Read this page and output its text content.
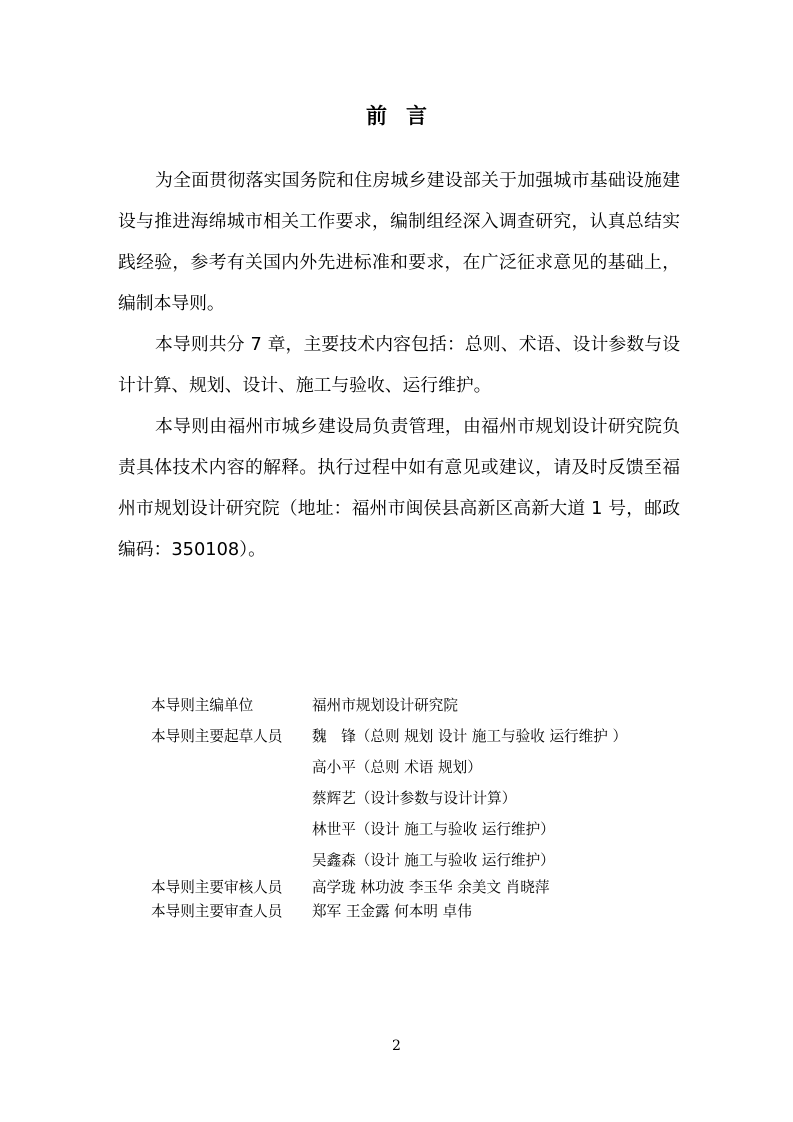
前言

为全面贯彻落实国务院和住房城乡建设部关于加强城市基础设施建设与推进海绵城市相关工作要求，编制组经深入调查研究，认真总结实践经验，参考有关国内外先进标准和要求，在广泛征求意见的基础上，编制本导则。

本导则共分 7 章，主要技术内容包括：总则、术语、设计参数与设计计算、规划、设计、施工与验收、运行维护。

本导则由福州市城乡建设局负责管理，由福州市规划设计研究院负责具体技术内容的解释。执行过程中如有意见或建议，请及时反馈至福州市规划设计研究院（地址：福州市闽侯县高新区高新大道 1 号，邮政编码：350108）。

本导则主编单位	福州市规划设计研究院
本导则主要起草人员	魏　锋（总则 规划 设计 施工与验收 运行维护 ）
高小平（总则 术语 规划）
蔡辉艺（设计参数与设计计算）
林世平（设计 施工与验收 运行维护）
吴鑫森（设计 施工与验收 运行维护）
本导则主要审核人员	高学珑 林功波 李玉华 余美文 肖晓萍
本导则主要审查人员	郑军 王金露 何本明 卓伟
2
